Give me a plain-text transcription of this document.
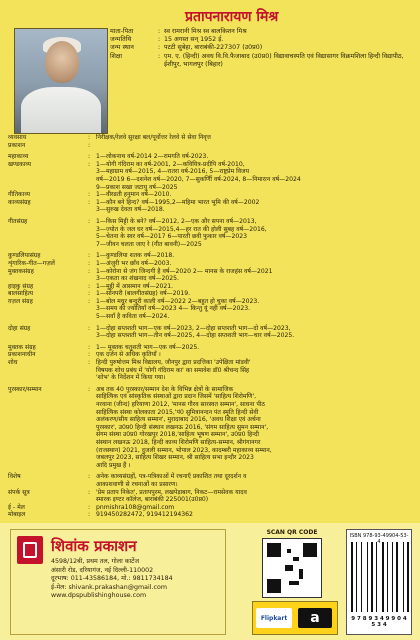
प्रतापनारायण मिश्र
माता-पिता	: स्व रामरानी मिश्र स्व बालकिशन मिश्र
जन्मतिथि	: 15 अगस्त सन् 1952 ई.
जन्म स्थान	: पटटी सुबेहा, बाराबंकी-227307 (उ0प्र0)
शिक्षा	: एम. ए. (हिन्दी) अवध वि.वि.फैजाबाद (उ0प्र0) विद्यावाचस्पति एवं विद्यासागर विक्रमशिला हिन्दी विद्यापीठ, ईशीपुर, भागलपुर (बिहार)
व्यवसाय	: निरीक्षक/रेलवे सुरक्षा बल/पूर्वोत्तर रेलवे से सेवा निवृत्त
प्रकाशन	:
महाकाव्य	: 1—लोकनाथ वर्ष-2014 2—रामगति वर्ष-2023.
खण्डकाव्य	: 1—योगी गंदिराम का वर्ष-2001, 2—कवियित्र-प्रदीपि वर्ष-2010,
3—महाग्राम वर्ष—2015, 4—रातरा वर्ष-2016, 5—राष्ट्रप्रेम विजय
वर्ष—2019 6—दशनेश वर्ष—2020, 7—सुकर्णिी वर्ष-2024, 8—निमारत्न वर्ष—2024
9—प्रकाश सखा जटायु वर्ष—2025
गीतिकाव्य	: 1—वीरव्रती हनुमान वर्ष—2010.
काव्यसंग्रह	: 1—कौन बने हिन्द? वर्ष—1995,2—महिमा भारत भूमि की वर्ष—2002
3—सुरुख देवता वर्ष—2018.
गीतसंग्रह	: 1—किस मिट्टी के बने? वर्ष—2012, 2—एक और सपना वर्ष—2013,
3—ज्योत के जल घर वर्ष—2015,4—हर रात की होली सुबह वर्ष—2016,
5—चेतना के स्वर वर्ष—2017 6—पारती छवी फुकार वर्ष—2023
7—जीवन चलता जाए रे (गीत बावनी)—2025
कुण्डलियासंग्रह	: 1—कुण्डलिया शतक वर्ष—2018.
शृंगारिक-गीत—गज़लें	: 1—अंजुरी भर छाँव वर्ष—2003.
मुक्तकसंग्रह	: 1—कोरोना से जंग जिन्दगी है वर्ष—2020 2— मानस के राजहंस वर्ष—2021
3—एकता का शंखनाद वर्ष—2025.
हाइकु संग्रह	: 1—मुट्ठी में आसमान वर्ष—2021.
बालसाहित्य	: 1—सोनपरी (बालगीतसंग्रह) वर्ष—2019.
ग़ज़ल संग्रह	: 1—बोल मधुर बन्दुरी काली वर्ष—2022 2—बहुत हो चुका वर्ष—2023.
3—समय की ज्योतियाँ वर्ष—2023 4— किन्तु यूं नहीं वर्ष—2023.
5—सवाँ है कविता वर्ष—2024.
दोहा संग्रह	: 1—दोहा सप्तशती भाग—एक वर्ष—2023, 2—दोहा सप्तशती भाग—दो वर्ष—2023,
3—दोहा सप्तशती भाग—तीन वर्ष—2025, 4—दोहा सप्तशती भाग—चार वर्ष—2025.
मुक्तक संग्रह	: 1— मुक्तक चतुशती भाग—एक वर्ष—2025.
प्रकाशनाधीन	: एक दर्जन से अधिक कृतियाँ ।
शोध	: हिन्दी पुरुषोत्तम मिश्र विद्यालय, जौनपुर द्वारा प्रदत्तिका 'उपेक्षिता मांडवी'
विषयक शोध प्रबंध में 'योगी गंदिराम का' का समावेश डॉ0 श्रीचन्द सिंह
'शोभ' के निर्देशन में किया गया।
पुरस्कार/सम्मान	: अब तक 40 पुरस्कार/सम्मान देश के विभिन्न क्षेत्रों के सामाजिक
साहित्यिक एवं सांस्कृतिक संस्थाओं द्वारा प्रदान जिसमें 'साहित्य शिरोमणि',
नरवाना (जीन्द) हरियाणा 2012, 'मानस गौरव सारस्वत सम्मान', साधना पीठ
साहित्यिक संस्था कोलकाता 2015,'पं0 सुमित्रानन्दन पंत स्मृति हिन्दी सेवी
अलंकरण/सीय साहित्य सम्मान', मुरादाबाद 2016, 'अवध शिक्षा एवं अर्चना
पुरस्कार', उ0प्र0 हिन्दी संस्थान लखनऊ 2016, 'संगम साहित्य सुमन सम्मान',
संगम संस्था उ0प्र0 गोरखपुर 2018,'साहित्य भूषण सम्मान', उ0प्र0 हिन्दी
संस्थान लखनऊ 2018, हिन्दी काव्य शिरोमणि साहित्य-सम्मान, श्रीगंगानगर
(राजस्थान) 2021, दुजली सम्मान, भोपाल 2023, कादम्बरी महाकाव्य सम्मान,
जबलपुर 2023, साहित्य शिखर सम्मान, श्री साहित्य सभा इन्दौर 2023
आदि प्रमुख हैं ।
विशेष	: अनेक काव्यसंग्रहों, पत्र-पत्रिकाओं में रचनाएँ प्रकाशित तथा दूरदर्शन व
आकाशवाणी से रचनाओं का प्रसारण।
संपर्क सूत्र	: 'प्रेम प्रताप निकेत', प्रतापपुरम, लखपेड़ाबाग, निकट—रामसेवक यादव
स्मारक इण्टर कॉलेज, बाराबंकी 225001(उ0प्र0)
ई - मेल	: pnmishra108@gmail.com
मोबाइल	: 919450282472, 919412194362
शिवांक प्रकाशन
4598/12बी, प्रथम तल, गोला कार्टेज
अंसारी रोड, दरियागंज, नई दिल्ली-110002
दूरभाष: 011-43586184, मो.: 9811734184
ई-मेल: shivank.prakashan@gmail.com
www.dpspublishinghouse.com
SCAN QR CODE
Flipkart	a
ISBN 978-93-49904-53-4
9 7 8 9 3 4 9 9 0 4 5 3 4
